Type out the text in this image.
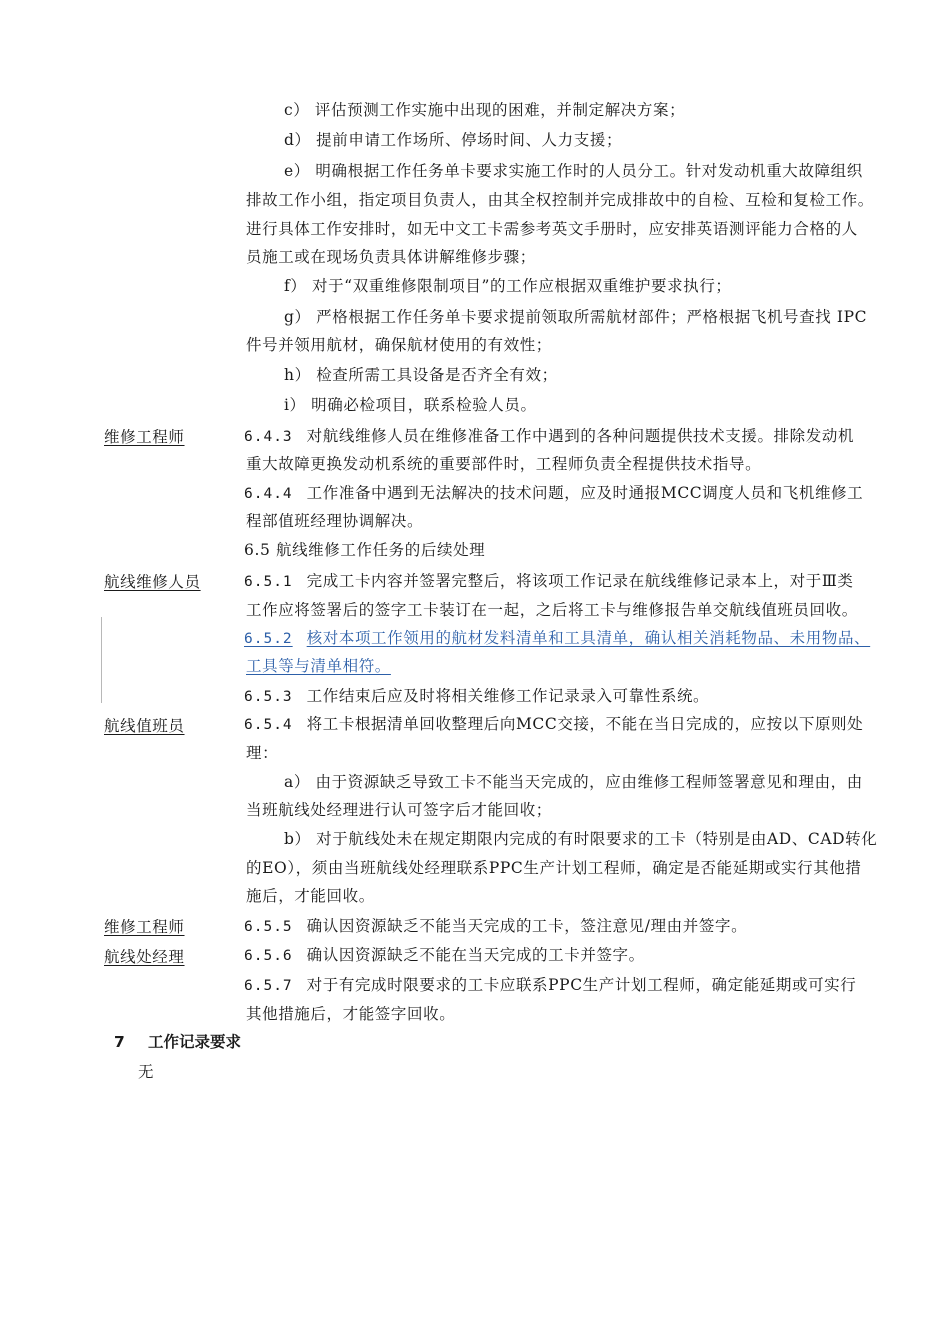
c） 评估预测工作实施中出现的困难，并制定解决方案；
d） 提前申请工作场所、停场时间、人力支援；
e） 明确根据工作任务单卡要求实施工作时的人员分工。针对发动机重大故障组织
排故工作小组，指定项目负责人，由其全权控制并完成排故中的自检、互检和复检工作。
进行具体工作安排时，如无中文工卡需参考英文手册时，应安排英语测评能力合格的人
员施工或在现场负责具体讲解维修步骤；
f） 对于“双重维修限制项目”的工作应根据双重维护要求执行；
g） 严格根据工作任务单卡要求提前领取所需航材部件；严格根据飞机号查找 IPC
件号并领用航材，确保航材使用的有效性；
h） 检查所需工具设备是否齐全有效；
i） 明确必检项目，联系检验人员。
维修工程师	6.4.3 对航线维修人员在维修准备工作中遇到的各种问题提供技术支援。排除发动机
重大故障更换发动机系统的重要部件时，工程师负责全程提供技术指导。
6.4.4 工作准备中遇到无法解决的技术问题，应及时通报MCC调度人员和飞机维修工
程部值班经理协调解决。
6.5 航线维修工作任务的后续处理
航线维修人员	6.5.1 完成工卡内容并签署完整后，将该项工作记录在航线维修记录本上，对于Ⅲ类
工作应将签署后的签字工卡装订在一起，之后将工卡与维修报告单交航线值班员回收。
6.5.2 核对本项工作领用的航材发料清单和工具清单，确认相关消耗物品、未用物品、
工具等与清单相符。
6.5.3 工作结束后应及时将相关维修工作记录录入可靠性系统。
航线值班员	6.5.4 将工卡根据清单回收整理后向MCC交接，不能在当日完成的，应按以下原则处
理：
a） 由于资源缺乏导致工卡不能当天完成的，应由维修工程师签署意见和理由，由
当班航线处经理进行认可签字后才能回收；
b） 对于航线处未在规定期限内完成的有时限要求的工卡（特别是由AD、CAD转化
的EO），须由当班航线处经理联系PPC生产计划工程师，确定是否能延期或实行其他措
施后，才能回收。
维修工程师	6.5.5 确认因资源缺乏不能当天完成的工卡，签注意见/理由并签字。
航线处经理	6.5.6 确认因资源缺乏不能在当天完成的工卡并签字。
6.5.7 对于有完成时限要求的工卡应联系PPC生产计划工程师，确定能延期或可实行
其他措施后，才能签字回收。
7 工作记录要求
无
